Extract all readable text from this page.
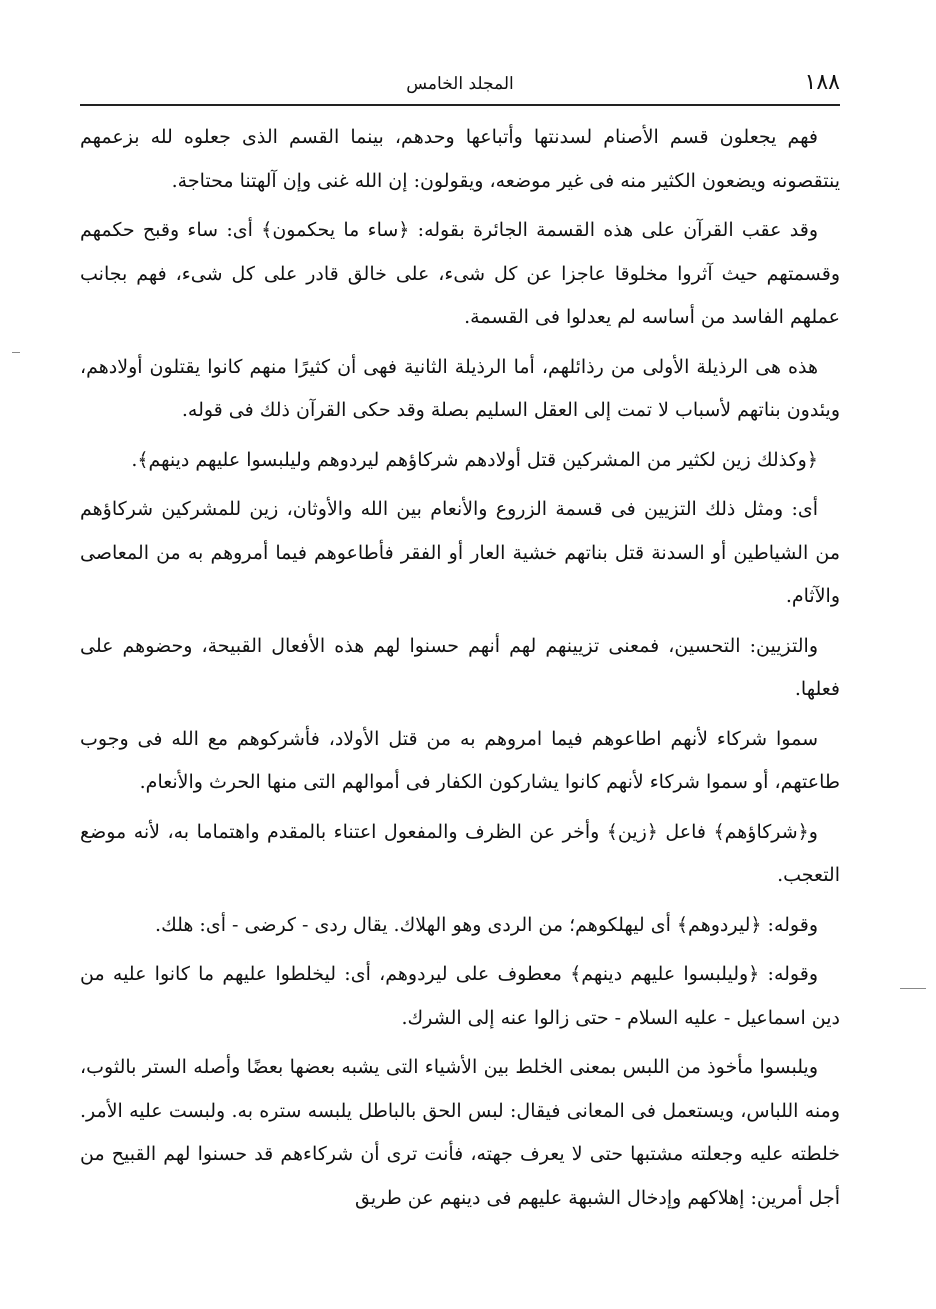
١٨٨
المجلد الخامس

فهم يجعلون قسم الأصنام لسدنتها وأتباعها وحدهم، بينما القسم الذى جعلوه لله بزعمهم ينتقصونه ويضعون الكثير منه فى غير موضعه، ويقولون: إن الله غنى وإن آلهتنا محتاجة.

وقد عقب القرآن على هذه القسمة الجائرة بقوله: ﴿ساء ما يحكمون﴾ أى: ساء وقبح حكمهم وقسمتهم حيث آثروا مخلوقا عاجزا عن كل شىء، على خالق قادر على كل شىء، فهم بجانب عملهم الفاسد من أساسه لم يعدلوا فى القسمة.

هذه هى الرذيلة الأولى من رذائلهم، أما الرذيلة الثانية فهى أن كثيرًا منهم كانوا يقتلون أولادهم، ويئدون بناتهم لأسباب لا تمت إلى العقل السليم بصلة وقد حكى القرآن ذلك فى قوله.

﴿وكذلك زين لكثير من المشركين قتل أولادهم شركاؤهم ليردوهم وليلبسوا عليهم دينهم﴾.

أى: ومثل ذلك التزيين فى قسمة الزروع والأنعام بين الله والأوثان، زين للمشركين شركاؤهم من الشياطين أو السدنة قتل بناتهم خشية العار أو الفقر فأطاعوهم فيما أمروهم به من المعاصى والآثام.

والتزيين: التحسين، فمعنى تزيينهم لهم أنهم حسنوا لهم هذه الأفعال القبيحة، وحضوهم على فعلها.

سموا شركاء لأنهم اطاعوهم فيما امروهم به من قتل الأولاد، فأشركوهم مع الله فى وجوب طاعتهم، أو سموا شركاء لأنهم كانوا يشاركون الكفار فى أموالهم التى منها الحرث والأنعام.

و﴿شركاؤهم﴾ فاعل ﴿زين﴾ وأخر عن الظرف والمفعول اعتناء بالمقدم واهتماما به، لأنه موضع التعجب.

وقوله: ﴿ليردوهم﴾ أى ليهلكوهم؛ من الردى وهو الهلاك. يقال ردى - كرضى - أى: هلك.

وقوله: ﴿وليلبسوا عليهم دينهم﴾ معطوف على ليردوهم، أى: ليخلطوا عليهم ما كانوا عليه من دين اسماعيل - عليه السلام - حتى زالوا عنه إلى الشرك.

ويلبسوا مأخوذ من اللبس بمعنى الخلط بين الأشياء التى يشبه بعضها بعضًا وأصله الستر بالثوب، ومنه اللباس، ويستعمل فى المعانى فيقال: لبس الحق بالباطل يلبسه ستره به. ولبست عليه الأمر. خلطته عليه وجعلته مشتبها حتى لا يعرف جهته، فأنت ترى أن شركاءهم قد حسنوا لهم القبيح من أجل أمرين: إهلاكهم وإدخال الشبهة عليهم فى دينهم عن طريق
